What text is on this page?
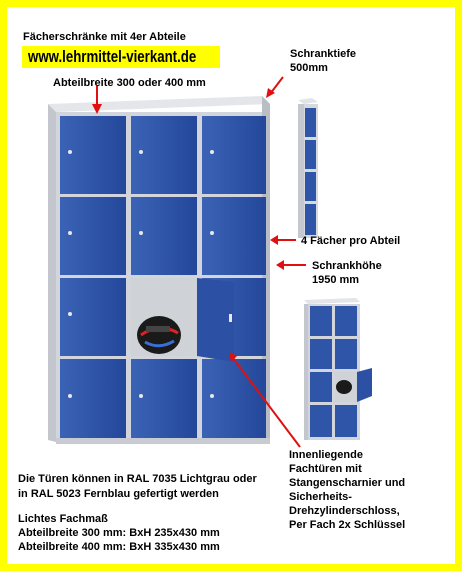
Fächerschränke mit 4er Abteile
www.lehrmittel-vierkant.de
Abteilbreite 300 oder 400 mm
Schranktiefe
500mm
4 Fächer pro Abteil
Schrankhöhe
1950 mm
Innenliegende
Fachtüren mit
Stangenscharnier und
Sicherheits-
Drehzylinderschloss,
Per Fach 2x Schlüssel
Die Türen können in RAL 7035 Lichtgrau oder
in RAL 5023 Fernblau gefertigt werden
Lichtes Fachmaß
Abteilbreite 300 mm: BxH 235x430 mm
Abteilbreite 400 mm: BxH 335x430 mm
